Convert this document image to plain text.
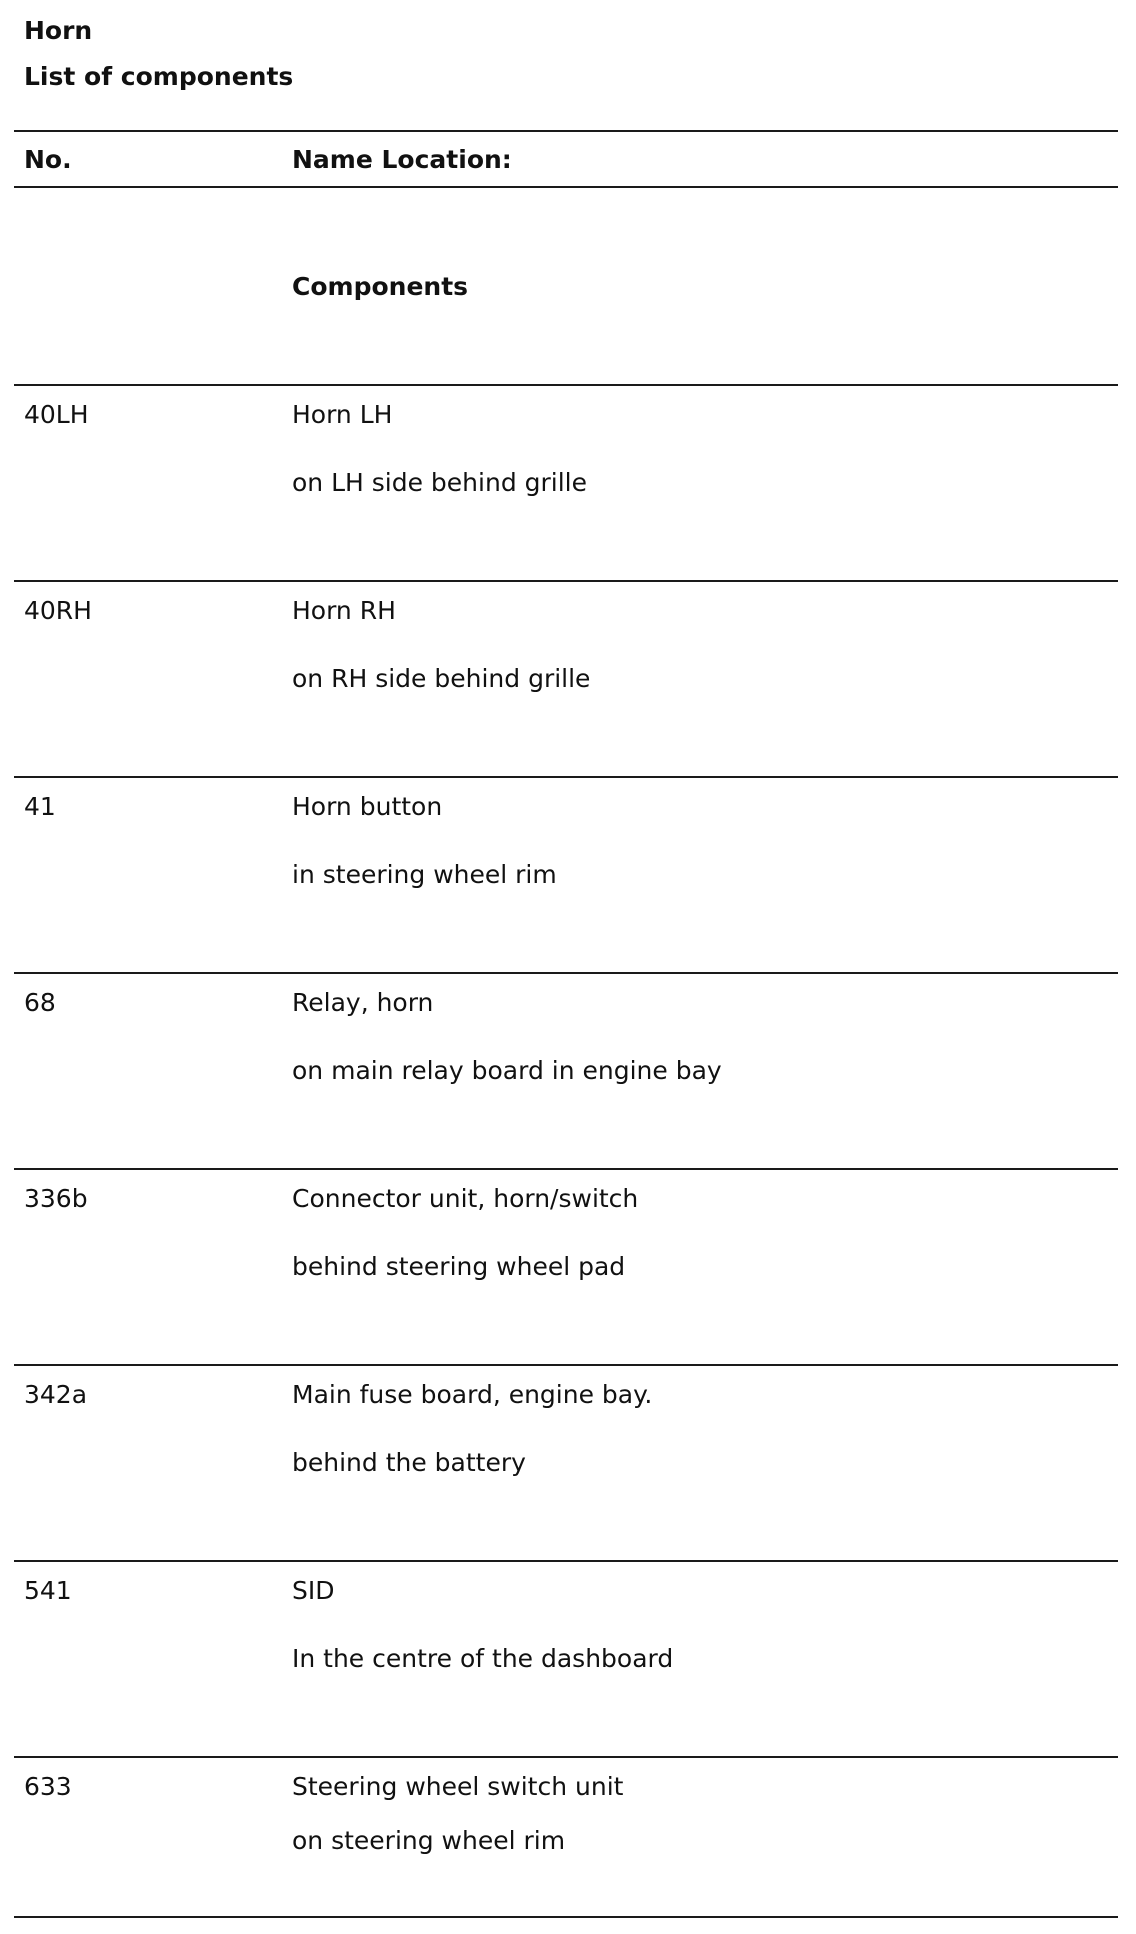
Horn
List of components
No.	Name Location:
Components
40LH	Horn LH
on LH side behind grille
40RH	Horn RH
on RH side behind grille
41	Horn button
in steering wheel rim
68	Relay, horn
on main relay board in engine bay
336b	Connector unit, horn/switch
behind steering wheel pad
342a	Main fuse board, engine bay.
behind the battery
541	SID
In the centre of the dashboard
633	Steering wheel switch unit
on steering wheel rim
